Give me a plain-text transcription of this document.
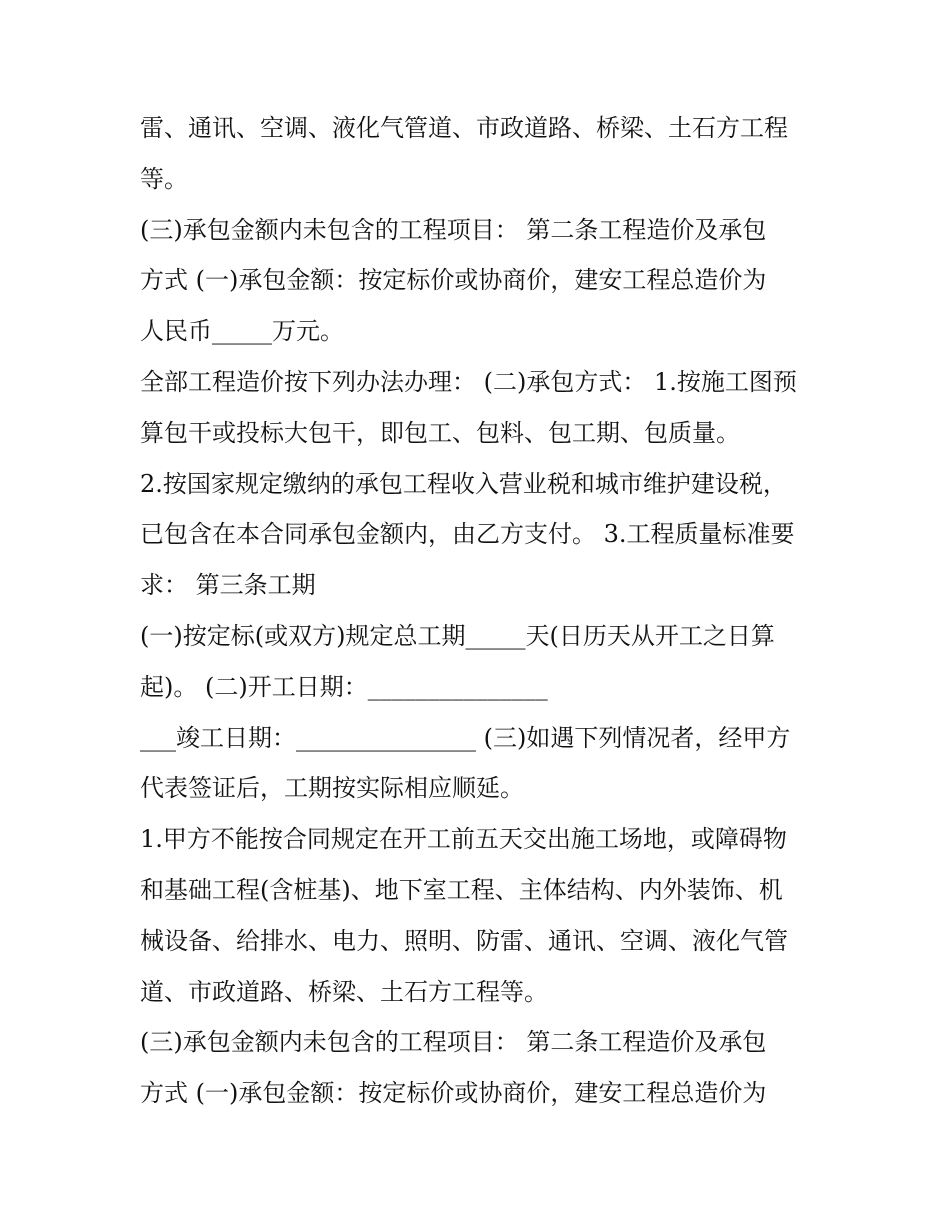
雷、通讯、空调、液化气管道、市政道路、桥梁、土石方工程
等。
(三)承包金额内未包含的工程项目： 第二条工程造价及承包
方式 (一)承包金额：按定标价或协商价，建安工程总造价为
人民币_____万元。
全部工程造价按下列办法办理： (二)承包方式： 1.按施工图预
算包干或投标大包干，即包工、包料、包工期、包质量。
2.按国家规定缴纳的承包工程收入营业税和城市维护建设税，
已包含在本合同承包金额内，由乙方支付。 3.工程质量标准要
求： 第三条工期
(一)按定标(或双方)规定总工期_____天(日历天从开工之日算
起)。 (二)开工日期：_______________
___竣工日期：_______________ (三)如遇下列情况者，经甲方
代表签证后，工期按实际相应顺延。
1.甲方不能按合同规定在开工前五天交出施工场地，或障碍物
和基础工程(含桩基)、地下室工程、主体结构、内外装饰、机
械设备、给排水、电力、照明、防雷、通讯、空调、液化气管
道、市政道路、桥梁、土石方工程等。
(三)承包金额内未包含的工程项目： 第二条工程造价及承包
方式 (一)承包金额：按定标价或协商价，建安工程总造价为
